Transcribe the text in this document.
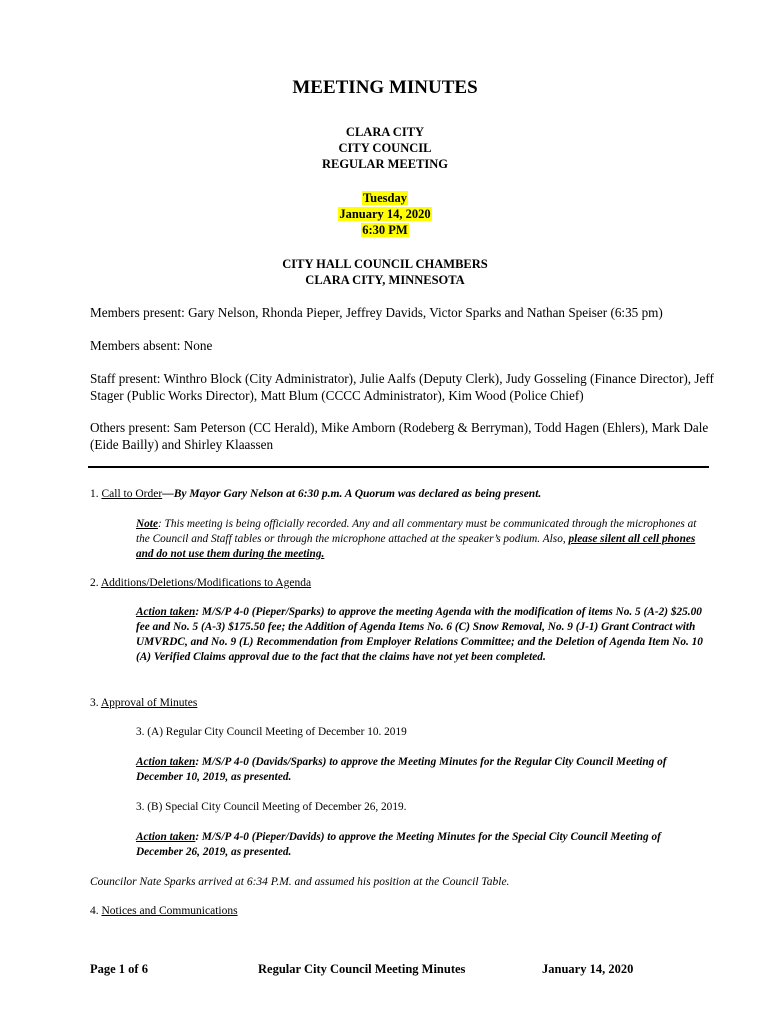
MEETING MINUTES
CLARA CITY
CITY COUNCIL
REGULAR MEETING
Tuesday
January 14, 2020
6:30 PM
CITY HALL COUNCIL CHAMBERS
CLARA CITY, MINNESOTA
Members present: Gary Nelson, Rhonda Pieper, Jeffrey Davids, Victor Sparks and Nathan Speiser (6:35 pm)
Members absent: None
Staff present: Winthro Block (City Administrator), Julie Aalfs (Deputy Clerk), Judy Gosseling (Finance Director), Jeff Stager (Public Works Director), Matt Blum (CCCC Administrator), Kim Wood (Police Chief)
Others present: Sam Peterson (CC Herald), Mike Amborn (Rodeberg & Berryman), Todd Hagen (Ehlers), Mark Dale (Eide Bailly) and Shirley Klaassen
1. Call to Order—By Mayor Gary Nelson at 6:30 p.m. A Quorum was declared as being present.
Note: This meeting is being officially recorded. Any and all commentary must be communicated through the microphones at the Council and Staff tables or through the microphone attached at the speaker’s podium. Also, please silent all cell phones and do not use them during the meeting.
2. Additions/Deletions/Modifications to Agenda
Action taken: M/S/P 4-0 (Pieper/Sparks) to approve the meeting Agenda with the modification of items No. 5 (A-2) $25.00 fee and No. 5 (A-3) $175.50 fee; the Addition of Agenda Items No. 6 (C) Snow Removal, No. 9 (J-1) Grant Contract with UMVRDC, and No. 9 (L) Recommendation from Employer Relations Committee; and the Deletion of Agenda Item No. 10 (A) Verified Claims approval due to the fact that the claims have not yet been completed.
3. Approval of Minutes
3. (A) Regular City Council Meeting of December 10. 2019
Action taken: M/S/P 4-0 (Davids/Sparks) to approve the Meeting Minutes for the Regular City Council Meeting of December 10, 2019, as presented.
3. (B) Special City Council Meeting of December 26, 2019.
Action taken: M/S/P 4-0 (Pieper/Davids) to approve the Meeting Minutes for the Special City Council Meeting of December 26, 2019, as presented.
Councilor Nate Sparks arrived at 6:34 P.M. and assumed his position at the Council Table.
4. Notices and Communications
Page 1 of 6	Regular City Council Meeting Minutes	January 14, 2020
